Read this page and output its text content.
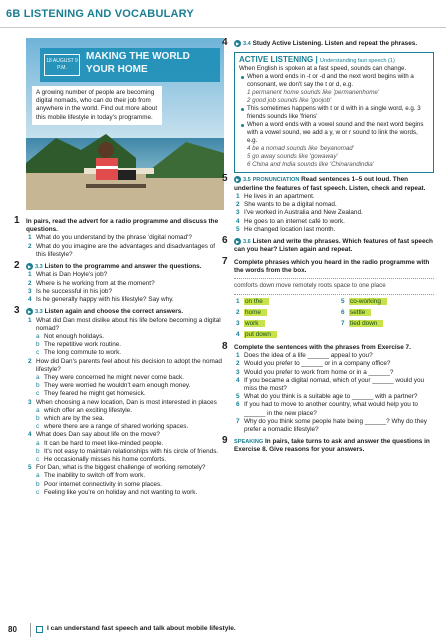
6B LISTENING AND VOCABULARY
18 AUGUST 9 P.M.
MAKING THE WORLD YOUR HOME
A growing number of people are becoming digital nomads, who can do their job from anywhere in the world. Find out more about this mobile lifestyle in today's programme.
1 In pairs, read the advert for a radio programme and discuss the questions.
1 What do you understand by the phrase 'digital nomad'?
2 What do you imagine are the advantages and disadvantages of this lifestyle?
2	▶ 3.3 Listen to the programme and answer the questions.
1 What is Dan Hoyle's job?
2 Where is he working from at the moment?
3 Is he successful in his job?
4 Is he generally happy with his lifestyle? Say why.
3	▶ 3.3 Listen again and choose the correct answers.
1 What did Dan most dislike about his life before becoming a digital nomad?
a Not enough holidays.
b The repetitive work routine.
c The long commute to work.
2 How did Dan's parents feel about his decision to adopt the nomad lifestyle?
a They were concerned he might never come back.
b They were worried he wouldn't earn enough money.
c They feared he might get homesick.
3 When choosing a new location, Dan is most interested in places
a which offer an exciting lifestyle.
b which are by the sea.
c where there are a range of shared working spaces.
4 What does Dan say about life on the move?
a It can be hard to meet like-minded people.
b It's not easy to maintain relationships with his circle of friends.
c He occasionally misses his home comforts.
5 For Dan, what is the biggest challenge of working remotely?
a The inability to switch off from work.
b Poor internet connectivity in some places.
c Feeling like you're on holiday and not wanting to work.
4	▶ 3.4 Study Active Listening. Listen and repeat the phrases.
ACTIVE LISTENING | Understanding fast speech (1)
When English is spoken at a fast speed, sounds can change.
When a word ends in -t or -d and the next word begins with a consonant, we don't say the t or d, e.g.
1 permanent home sounds like 'permanenhome'
2 good job sounds like 'goojob'
This sometimes happens with t or d with in a single word, e.g. 3 friends sounds like 'friens'
When a word ends with a vowel sound and the next word begins with a vowel sound, we add a y, w or r sound to link the words, e.g.
4 be a nomad sounds like 'beyanomad'
5 go away sounds like 'gowaway'
6 China and India sounds like 'Chinarandindia'
5	▶ 3.5 PRONUNCIATION Read sentences 1–5 out loud. Then underline the features of fast speech. Listen, check and repeat.
1 He lives in an apartment.
2 She wants to be a digital nomad.
3 I've worked in Australia and New Zealand.
4 He goes to an internet café to work.
5 He changed location last month.
6	▶ 3.6 Listen and write the phrases. Which features of fast speech can you hear? Listen again and repeat.
7 Complete phrases which you heard in the radio programme with the words from the box.
comforts down move remotely roots space to one place
1 on the	5 co-working
2 home	6 settle
3 work	7 tied down
4 put down
8 Complete the sentences with the phrases from Exercise 7.
1 Does the idea of a life ______ appeal to you?
2 Would you prefer to ______ or in a company office?
3 Would you prefer to work from home or in a ______?
4 If you became a digital nomad, which of your ______ would you miss the most?
5 What do you think is a suitable age to ______ with a partner?
6 If you had to move to another country, what would help you to ______ in the new place?
7 Why do you think some people hate being ______? Why do they prefer a nomadic lifestyle?
9 SPEAKING In pairs, take turns to ask and answer the questions in Exercise 8. Give reasons for your answers.
80	I can understand fast speech and talk about mobile lifestyle.
